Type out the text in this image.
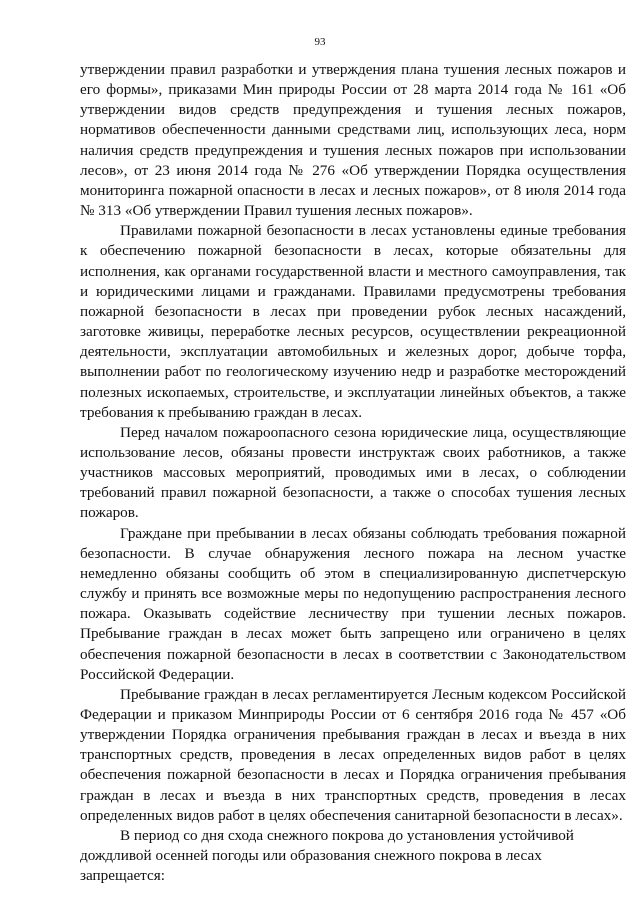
93

утверждении правил разработки и утверждения плана тушения лесных пожаров и его формы», приказами Мин природы России от 28 марта 2014 года № 161 «Об утверждении видов средств предупреждения и тушения лесных пожаров, нормативов обеспеченности данными средствами лиц, использующих леса, норм наличия средств предупреждения и тушения лесных пожаров при использовании лесов», от 23 июня 2014 года № 276 «Об утверждении Порядка осуществления мониторинга пожарной опасности в лесах и лесных пожаров», от 8 июля 2014 года № 313 «Об утверждении Правил тушения лесных пожаров».

Правилами пожарной безопасности в лесах установлены единые требования к обеспечению пожарной безопасности в лесах, которые обязательны для исполнения, как органами государственной власти и местного самоуправления, так и юридическими лицами и гражданами. Правилами предусмотрены требования пожарной безопасности в лесах при проведении рубок лесных насаждений, заготовке живицы, переработке лесных ресурсов, осуществлении рекреационной деятельности, эксплуатации автомобильных и железных дорог, добыче торфа, выполнении работ по геологическому изучению недр и разработке месторождений полезных ископаемых, строительстве, и эксплуатации линейных объектов, а также требования к пребыванию граждан в лесах.

Перед началом пожароопасного сезона юридические лица, осуществляющие использование лесов, обязаны провести инструктаж своих работников, а также участников массовых мероприятий, проводимых ими в лесах, о соблюдении требований правил пожарной безопасности, а также о способах тушения лесных пожаров.

Граждане при пребывании в лесах обязаны соблюдать требования пожарной безопасности. В случае обнаружения лесного пожара на лесном участке немедленно обязаны сообщить об этом в специализированную диспетчерскую службу и принять все возможные меры по недопущению распространения лесного пожара. Оказывать содействие лесничеству при тушении лесных пожаров. Пребывание граждан в лесах может быть запрещено или ограничено в целях обеспечения пожарной безопасности в лесах в соответствии с Законодательством Российской Федерации.

Пребывание граждан в лесах регламентируется Лесным кодексом Российской Федерации и приказом Минприроды России от 6 сентября 2016 года № 457 «Об утверждении Порядка ограничения пребывания граждан в лесах и въезда в них транспортных средств, проведения в лесах определенных видов работ в целях обеспечения пожарной безопасности в лесах и Порядка ограничения пребывания граждан в лесах и въезда в них транспортных средств, проведения в лесах определенных видов работ в целях обеспечения санитарной безопасности в лесах».

В период со дня схода снежного покрова до установления устойчивой дождливой осенней погоды или образования снежного покрова в лесах запрещается:
